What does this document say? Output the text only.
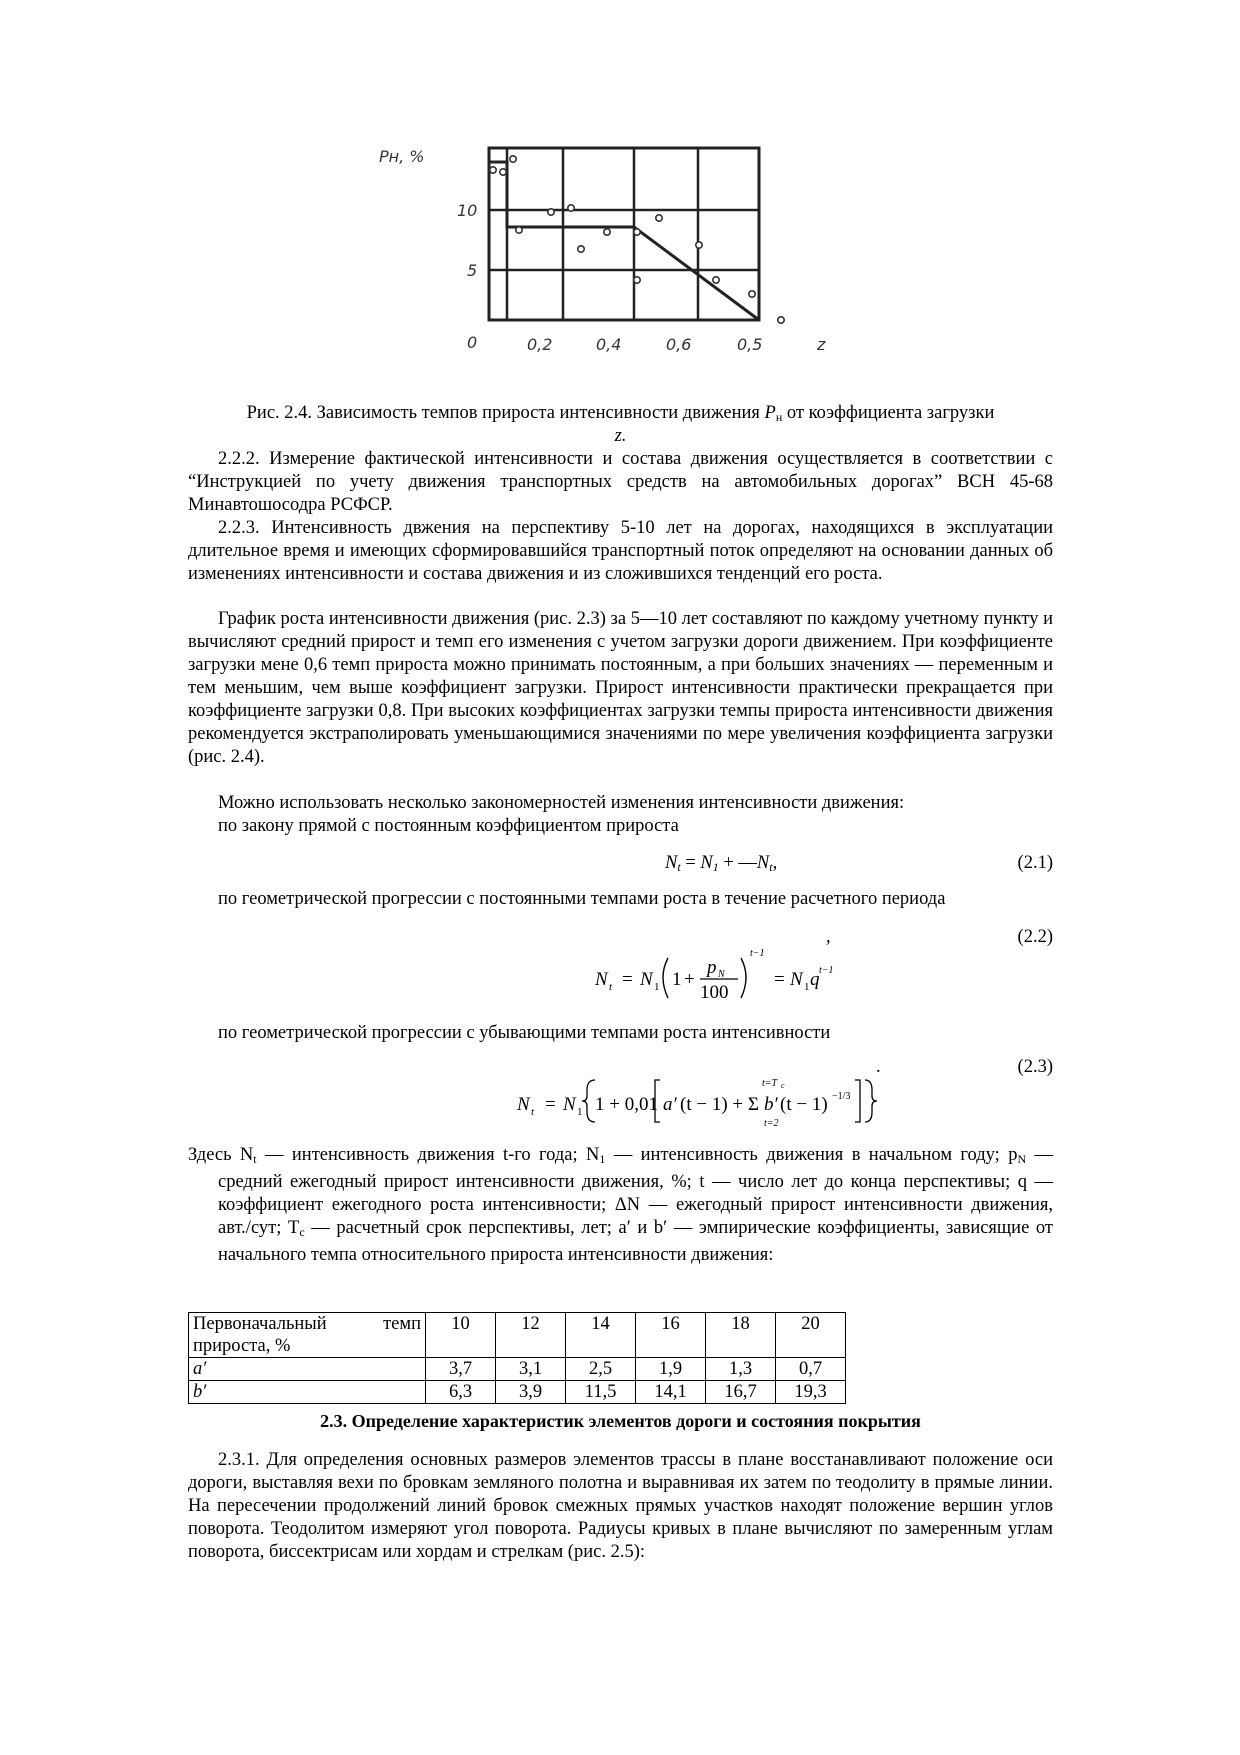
Pн, %
10
5
0	0,2	0,4	0,6	0,5	z
Рис. 2.4. Зависимость темпов прироста интенсивности движения $P_н$ от коэффициента загрузки
z.
2.2.2. Измерение фактической интенсивности и состава движения осуществляется в соответствии с “Инструкцией по учету движения транспортных средств на автомобильных дорогах” ВСН 45-68 Минавтошосодра РСФСР.
2.2.3. Интенсивность двжения на перспективу 5-10 лет на дорогах, находящихся в эксплуатации длительное время и имеющих сформировавшийся транспортный поток определяют на основании данных об изменениях интенсивности и состава движения и из сложившихся тенденций его роста.
График роста интенсивности движения (рис. 2.3) за 5—10 лет составляют по каждому учетному пункту и вычисляют средний прирост и темп его изменения с учетом загрузки дороги движением. При коэффициенте загрузки мене 0,6 темп прироста можно принимать постоянным, а при больших значениях — переменным и тем меньшим, чем выше коэффициент загрузки. Прирост интенсивности практически прекращается при коэффициенте загрузки 0,8. При высоких коэффициентах загрузки темпы прироста интенсивности движения рекомендуется экстраполировать уменьшающимися значениями по мере увеличения коэффициента загрузки (рис. 2.4).
Можно использовать несколько закономерностей изменения интенсивности движения:
по закону прямой с постоянным коэффициентом прироста
$N_t = N_1$ + $—N_t$,	(2.1)
по геометрической прогрессии с постоянными темпами роста в течение расчетного периода
,	(2.2)
N t = N 1 1 +
p N
100
t−1
= N 1 q t−1
по геометрической прогрессии с убывающими темпами роста интенсивности
.	(2.3)
N t = N 1 1 + 0,01 a′ (t − 1) + Σ
t=T c
t=2
b′ (t − 1) −1/3
Здесь $N_t$ — интенсивность движения t-го года; $N_1$ — интенсивность движения в начальном году; $p_N$ — средний ежегодный прирост интенсивности движения, %; t — число лет до конца перспективы; q — коэффициент ежегодного роста интенсивности; ΔN — ежегодный прирост интенсивности движения, авт./сут; $T_c$ — расчетный срок перспективы, лет; a′ и b′ — эмпирические коэффициенты, зависящие от начального темпа относительного прироста интенсивности движения:
Первоначальный темп
прироста, %	10	12	14	16	18	20
a′	3,7	3,1	2,5	1,9	1,3	0,7
b′	6,3	3,9	11,5	14,1	16,7	19,3
2.3. Определение характеристик элементов дороги и состояния покрытия
2.3.1. Для определения основных размеров элементов трассы в плане восстанавливают положение оси дороги, выставляя вехи по бровкам земляного полотна и выравнивая их затем по теодолиту в прямые линии. На пересечении продолжений линий бровок смежных прямых участков находят положение вершин углов поворота. Теодолитом измеряют угол поворота. Радиусы кривых в плане вычисляют по замеренным углам поворота, биссектрисам или хордам и стрелкам (рис. 2.5):
